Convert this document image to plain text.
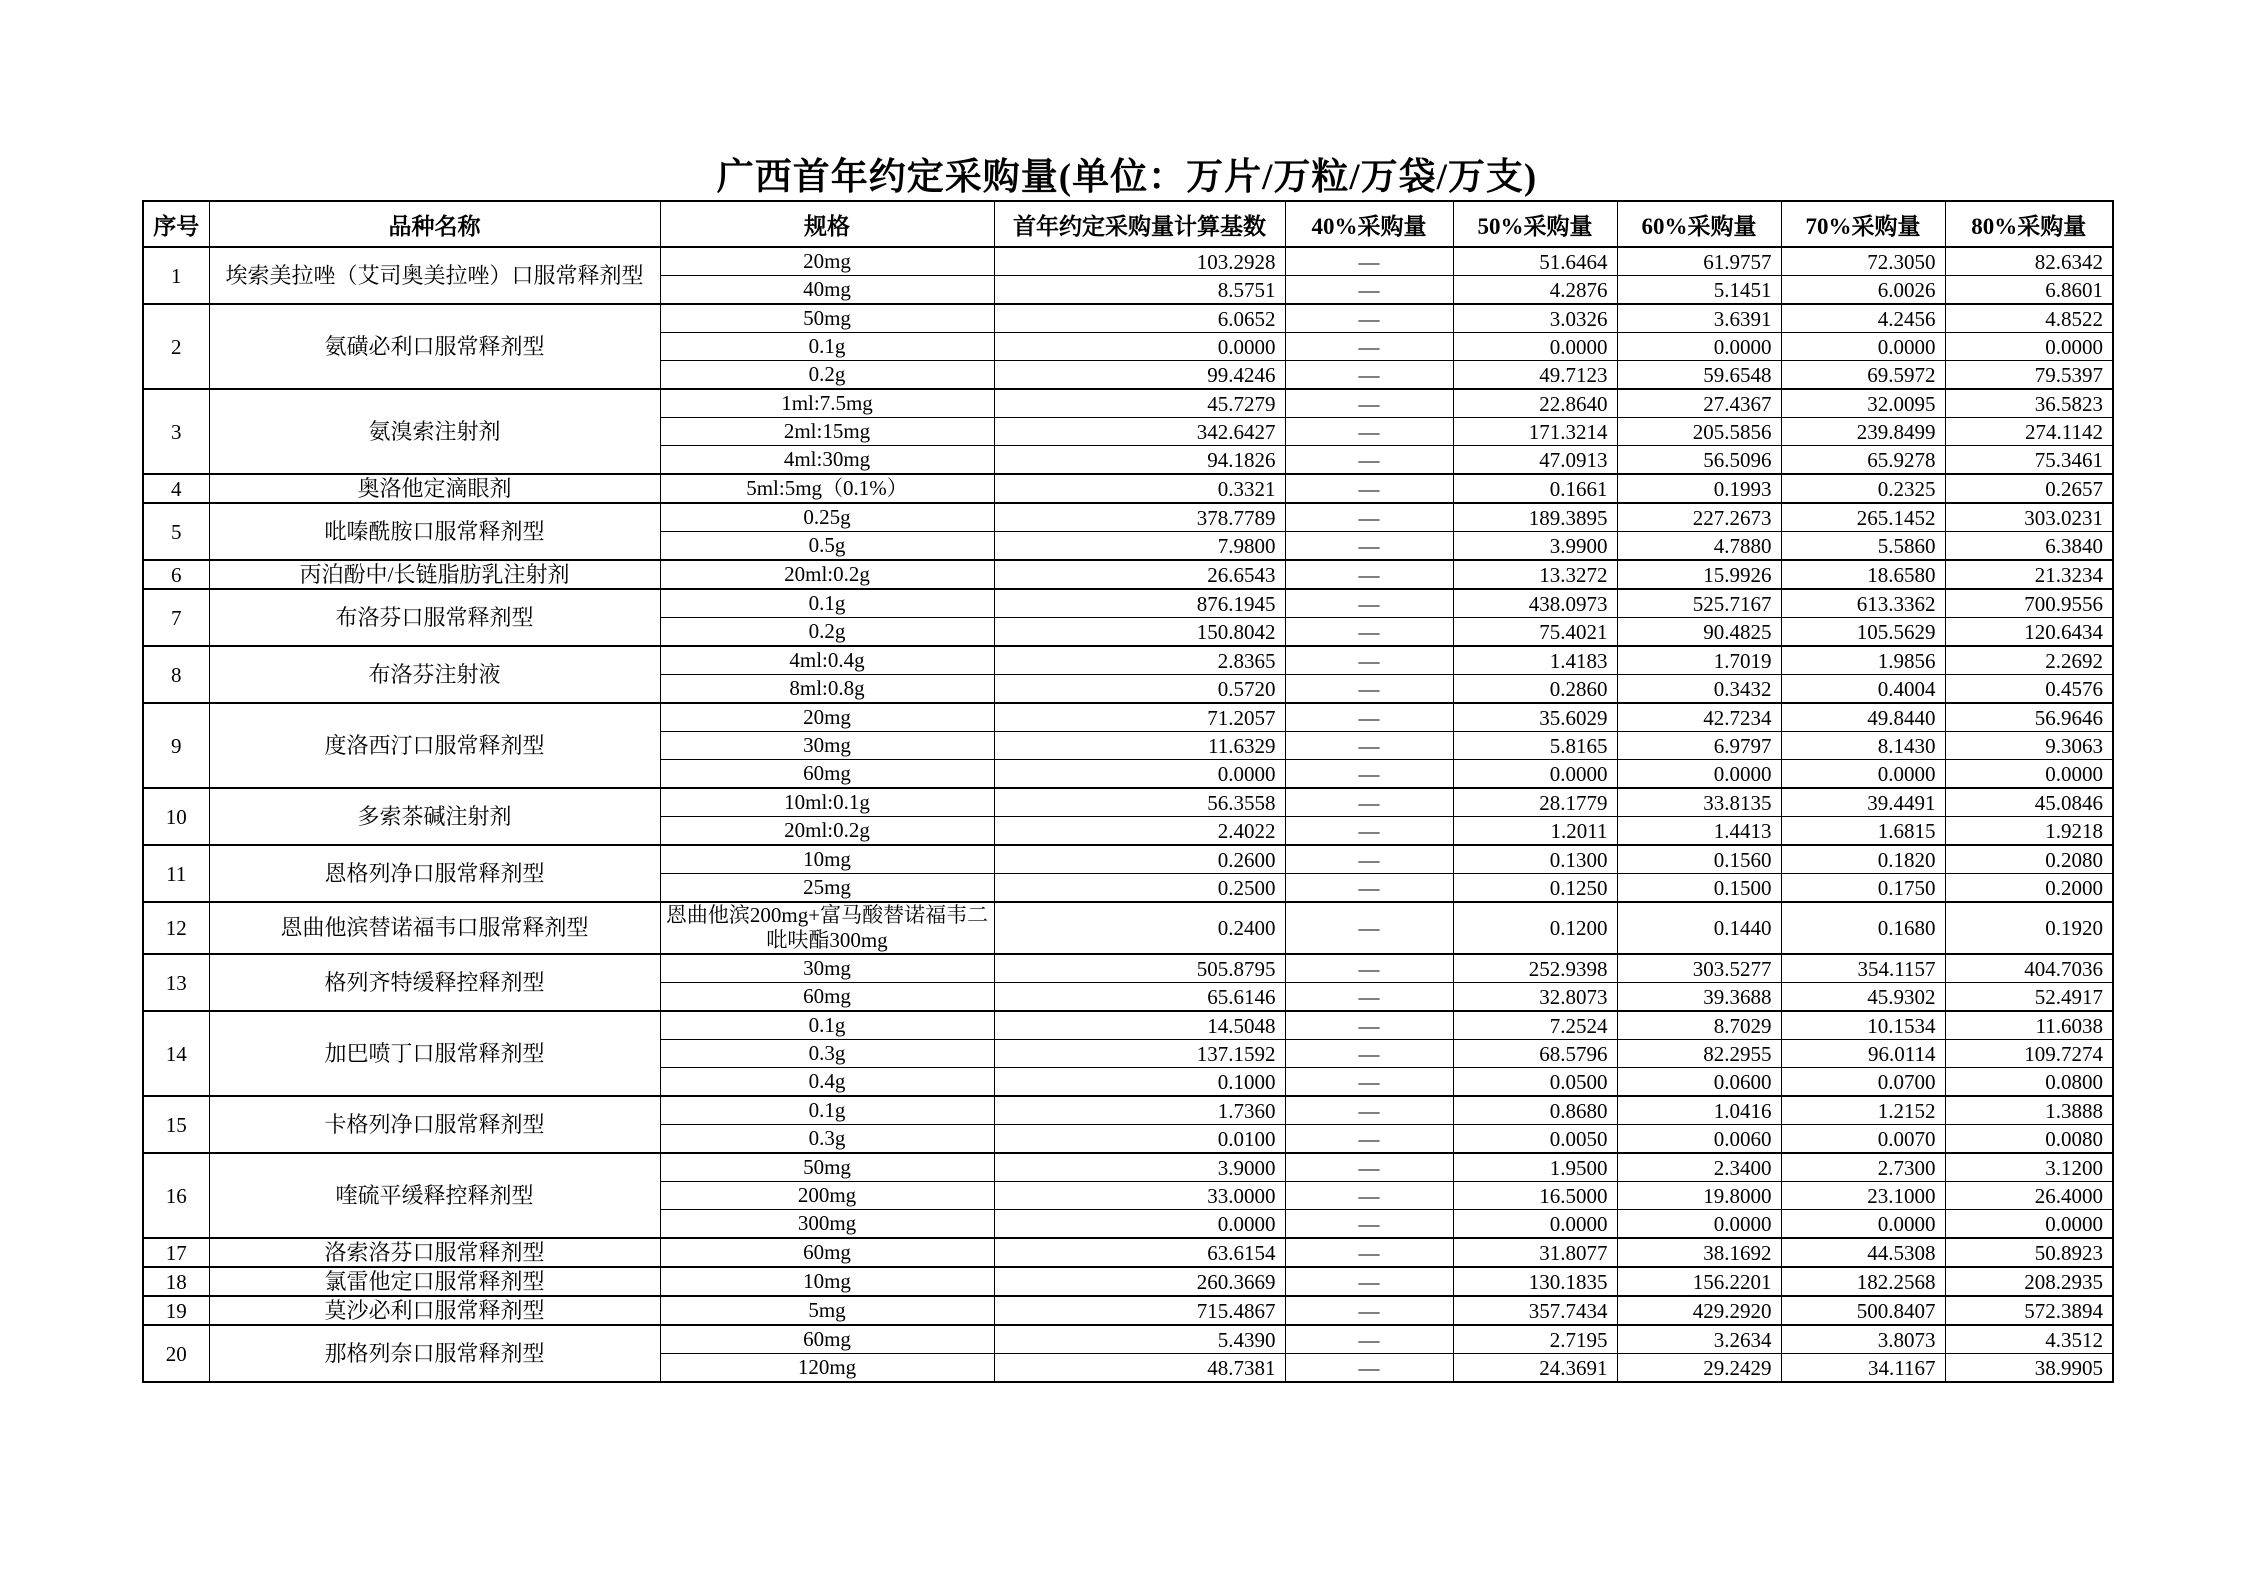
广西首年约定采购量(单位：万片/万粒/万袋/万支)
序号	品种名称	规格	首年约定采购量计算基数	40%采购量	50%采购量	60%采购量	70%采购量	80%采购量
1	埃索美拉唑（艾司奥美拉唑）口服常释剂型	20mg	103.2928	—	51.6464	61.9757	72.3050	82.6342
		40mg	8.5751	—	4.2876	5.1451	6.0026	6.8601
2	氨磺必利口服常释剂型	50mg	6.0652	—	3.0326	3.6391	4.2456	4.8522
		0.1g	0.0000	—	0.0000	0.0000	0.0000	0.0000
		0.2g	99.4246	—	49.7123	59.6548	69.5972	79.5397
3	氨溴索注射剂	1ml:7.5mg	45.7279	—	22.8640	27.4367	32.0095	36.5823
		2ml:15mg	342.6427	—	171.3214	205.5856	239.8499	274.1142
		4ml:30mg	94.1826	—	47.0913	56.5096	65.9278	75.3461
4	奥洛他定滴眼剂	5ml:5mg（0.1%）	0.3321	—	0.1661	0.1993	0.2325	0.2657
5	吡嗪酰胺口服常释剂型	0.25g	378.7789	—	189.3895	227.2673	265.1452	303.0231
		0.5g	7.9800	—	3.9900	4.7880	5.5860	6.3840
6	丙泊酚中/长链脂肪乳注射剂	20ml:0.2g	26.6543	—	13.3272	15.9926	18.6580	21.3234
7	布洛芬口服常释剂型	0.1g	876.1945	—	438.0973	525.7167	613.3362	700.9556
		0.2g	150.8042	—	75.4021	90.4825	105.5629	120.6434
8	布洛芬注射液	4ml:0.4g	2.8365	—	1.4183	1.7019	1.9856	2.2692
		8ml:0.8g	0.5720	—	0.2860	0.3432	0.4004	0.4576
9	度洛西汀口服常释剂型	20mg	71.2057	—	35.6029	42.7234	49.8440	56.9646
		30mg	11.6329	—	5.8165	6.9797	8.1430	9.3063
		60mg	0.0000	—	0.0000	0.0000	0.0000	0.0000
10	多索茶碱注射剂	10ml:0.1g	56.3558	—	28.1779	33.8135	39.4491	45.0846
		20ml:0.2g	2.4022	—	1.2011	1.4413	1.6815	1.9218
11	恩格列净口服常释剂型	10mg	0.2600	—	0.1300	0.1560	0.1820	0.2080
		25mg	0.2500	—	0.1250	0.1500	0.1750	0.2000
12	恩曲他滨替诺福韦口服常释剂型	恩曲他滨200mg+富马酸替诺福韦二吡呋酯300mg	0.2400	—	0.1200	0.1440	0.1680	0.1920
13	格列齐特缓释控释剂型	30mg	505.8795	—	252.9398	303.5277	354.1157	404.7036
		60mg	65.6146	—	32.8073	39.3688	45.9302	52.4917
14	加巴喷丁口服常释剂型	0.1g	14.5048	—	7.2524	8.7029	10.1534	11.6038
		0.3g	137.1592	—	68.5796	82.2955	96.0114	109.7274
		0.4g	0.1000	—	0.0500	0.0600	0.0700	0.0800
15	卡格列净口服常释剂型	0.1g	1.7360	—	0.8680	1.0416	1.2152	1.3888
		0.3g	0.0100	—	0.0050	0.0060	0.0070	0.0080
16	喹硫平缓释控释剂型	50mg	3.9000	—	1.9500	2.3400	2.7300	3.1200
		200mg	33.0000	—	16.5000	19.8000	23.1000	26.4000
		300mg	0.0000	—	0.0000	0.0000	0.0000	0.0000
17	洛索洛芬口服常释剂型	60mg	63.6154	—	31.8077	38.1692	44.5308	50.8923
18	氯雷他定口服常释剂型	10mg	260.3669	—	130.1835	156.2201	182.2568	208.2935
19	莫沙必利口服常释剂型	5mg	715.4867	—	357.7434	429.2920	500.8407	572.3894
20	那格列奈口服常释剂型	60mg	5.4390	—	2.7195	3.2634	3.8073	4.3512
		120mg	48.7381	—	24.3691	29.2429	34.1167	38.9905
